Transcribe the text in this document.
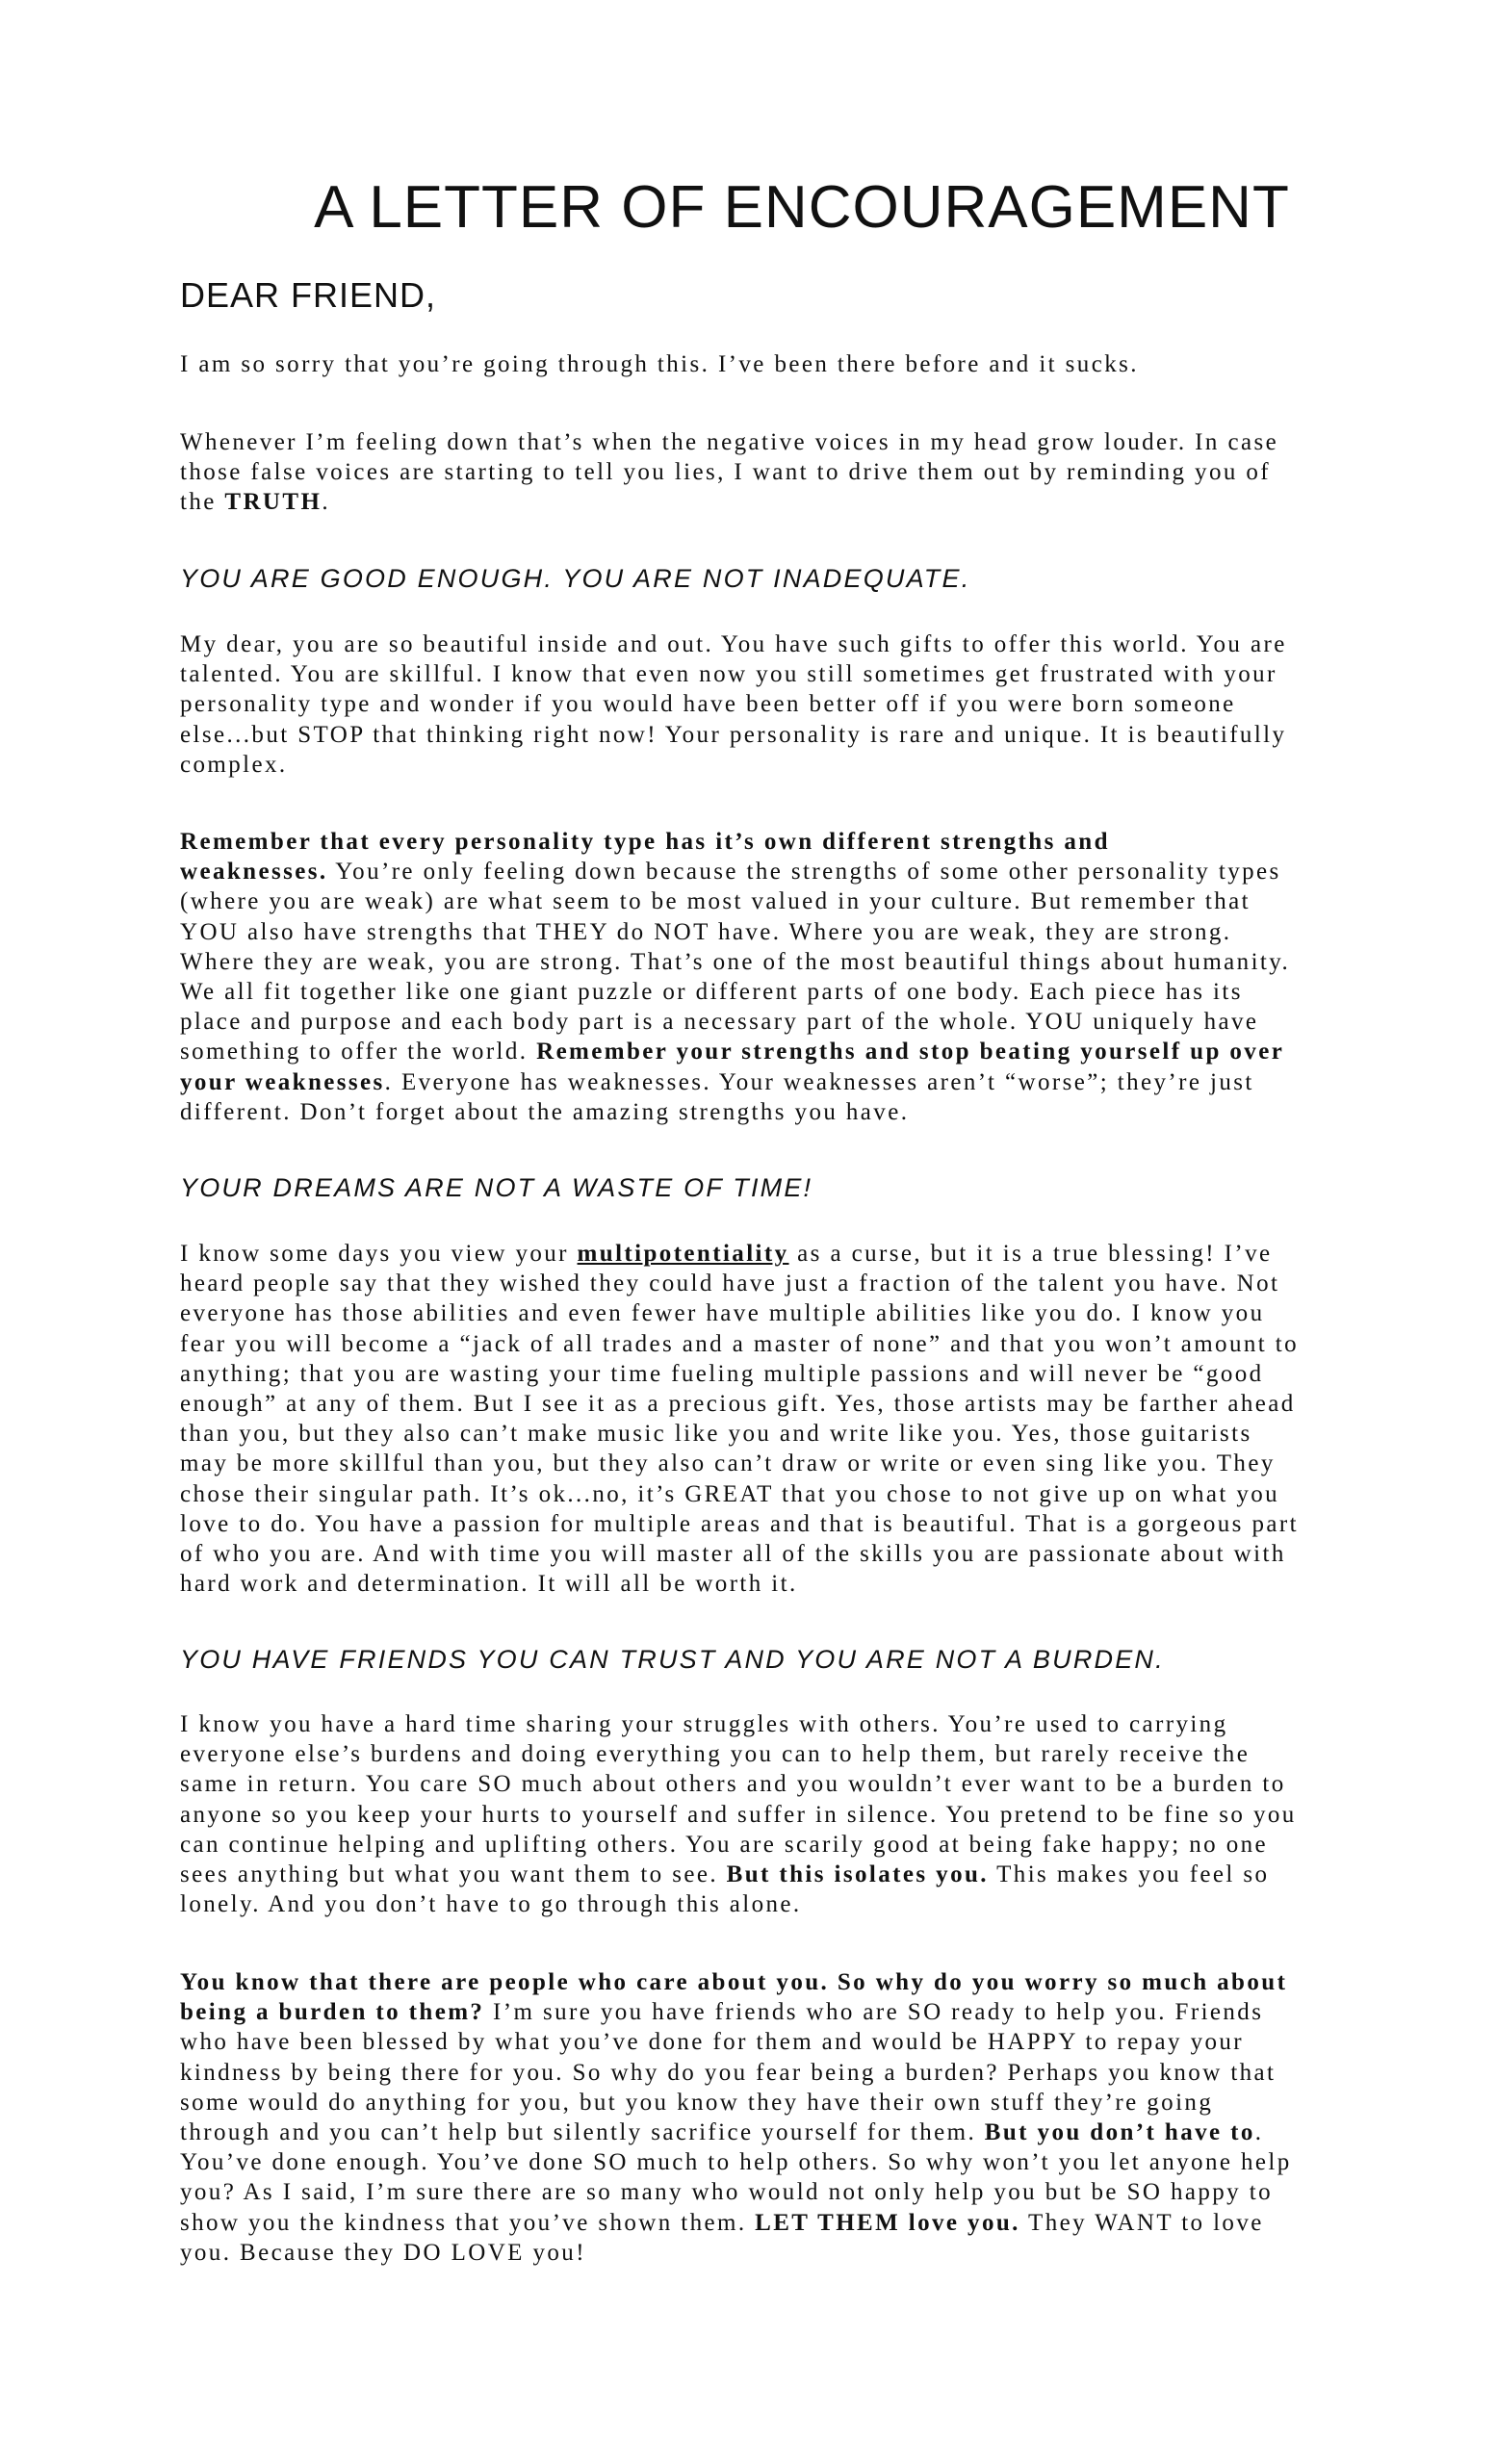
A LETTER OF ENCOURAGEMENT
DEAR FRIEND,
I am so sorry that you’re going through this. I’ve been there before and it sucks.
Whenever I’m feeling down that’s when the negative voices in my head grow louder. In case
those false voices are starting to tell you lies, I want to drive them out by reminding you of
the TRUTH.
YOU ARE GOOD ENOUGH. YOU ARE NOT INADEQUATE.
My dear, you are so beautiful inside and out. You have such gifts to offer this world. You are
talented. You are skillful. I know that even now you still sometimes get frustrated with your
personality type and wonder if you would have been better off if you were born someone
else...but STOP that thinking right now! Your personality is rare and unique. It is beautifully
complex.
Remember that every personality type has it’s own different strengths and
weaknesses. You’re only feeling down because the strengths of some other personality types
(where you are weak) are what seem to be most valued in your culture. But remember that
YOU also have strengths that THEY do NOT have. Where you are weak, they are strong.
Where they are weak, you are strong. That’s one of the most beautiful things about humanity.
We all fit together like one giant puzzle or different parts of one body. Each piece has its
place and purpose and each body part is a necessary part of the whole. YOU uniquely have
something to offer the world. Remember your strengths and stop beating yourself up over
your weaknesses. Everyone has weaknesses. Your weaknesses aren’t “worse”; they’re just
different. Don’t forget about the amazing strengths you have.
YOUR DREAMS ARE NOT A WASTE OF TIME!
I know some days you view your multipotentiality as a curse, but it is a true blessing! I’ve
heard people say that they wished they could have just a fraction of the talent you have. Not
everyone has those abilities and even fewer have multiple abilities like you do. I know you
fear you will become a “jack of all trades and a master of none” and that you won’t amount to
anything; that you are wasting your time fueling multiple passions and will never be “good
enough” at any of them. But I see it as a precious gift. Yes, those artists may be farther ahead
than you, but they also can’t make music like you and write like you. Yes, those guitarists
may be more skillful than you, but they also can’t draw or write or even sing like you. They
chose their singular path. It’s ok...no, it’s GREAT that you chose to not give up on what you
love to do. You have a passion for multiple areas and that is beautiful. That is a gorgeous part
of who you are. And with time you will master all of the skills you are passionate about with
hard work and determination. It will all be worth it.
YOU HAVE FRIENDS YOU CAN TRUST AND YOU ARE NOT A BURDEN.
I know you have a hard time sharing your struggles with others. You’re used to carrying
everyone else’s burdens and doing everything you can to help them, but rarely receive the
same in return. You care SO much about others and you wouldn’t ever want to be a burden to
anyone so you keep your hurts to yourself and suffer in silence. You pretend to be fine so you
can continue helping and uplifting others. You are scarily good at being fake happy; no one
sees anything but what you want them to see. But this isolates you. This makes you feel so
lonely. And you don’t have to go through this alone.
You know that there are people who care about you. So why do you worry so much about
being a burden to them? I’m sure you have friends who are SO ready to help you. Friends
who have been blessed by what you’ve done for them and would be HAPPY to repay your
kindness by being there for you. So why do you fear being a burden? Perhaps you know that
some would do anything for you, but you know they have their own stuff they’re going
through and you can’t help but silently sacrifice yourself for them. But you don’t have to.
You’ve done enough. You’ve done SO much to help others. So why won’t you let anyone help
you? As I said, I’m sure there are so many who would not only help you but be SO happy to
show you the kindness that you’ve shown them. LET THEM love you. They WANT to love
you. Because they DO LOVE you!
